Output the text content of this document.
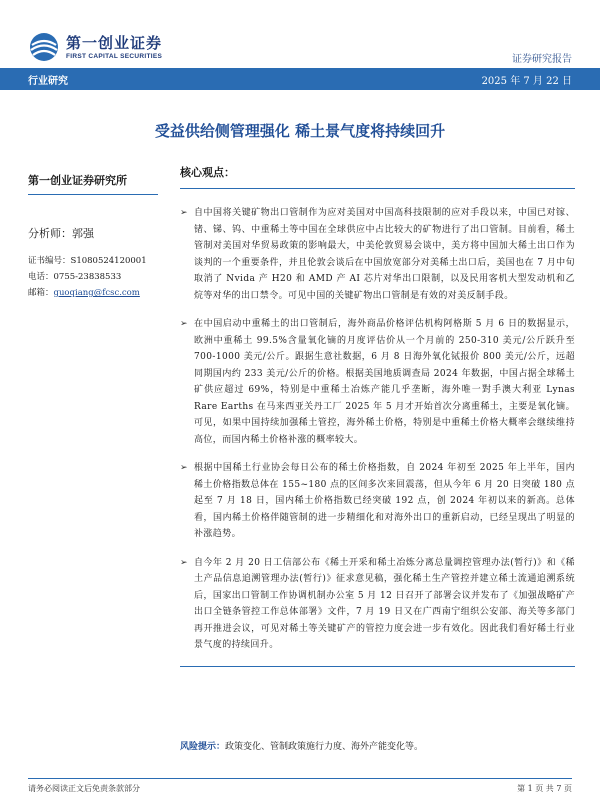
第一创业证券
FIRST CAPITAL SECURITIES	证券研究报告
行业研究	2025 年 7 月 22 日
受益供给侧管理强化 稀土景气度将持续回升
第一创业证券研究所
分析师：郭强
证书编号：S1080524120001
电话：0755-23838533
邮箱：guoqiang@fcsc.com
核心观点：
➢ 自中国将关键矿物出口管制作为应对美国对中国高科技限制的应对手段以来，中国已对镓、锗、锑、钨、中重稀土等中国在全球供应中占比较大的矿物进行了出口管制。目前看，稀土管制对美国对华贸易政策的影响最大，中美伦敦贸易会谈中，美方将中国加大稀土出口作为谈判的一个重要条件，并且伦敦会谈后在中国放宽部分对美稀土出口后，美国也在 7 月中旬取消了 Nvida 产 H20 和 AMD 产 AI 芯片对华出口限制，以及民用客机大型发动机和乙烷等对华的出口禁令。可见中国的关键矿物出口管制是有效的对美反制手段。
➢ 在中国启动中重稀土的出口管制后，海外商品价格评估机构阿格斯 5 月 6 日的数据显示，欧洲中重稀土 99.5%含量氧化镝的月度评估价从一个月前的 250-310 美元/公斤跃升至 700-1000 美元/公斤。跟据生意社数据，6 月 8 日海外氧化铽报价 800 美元/公斤，远超同期国内约 233 美元/公斤的价格。根据美国地质调查局 2024 年数据，中国占据全球稀土矿供应超过 69%，特别是中重稀土冶炼产能几乎垄断，海外唯一對手澳大利亚 Lynas Rare Earths 在马来西亚关丹工厂 2025 年 5 月才开始首次分离重稀土，主要是氧化镝。可见，如果中国持续加强稀土管控，海外稀土价格，特别是中重稀土价格大概率会继续维持高位，而国内稀土价格补涨的概率较大。
➢ 根据中国稀土行业协会每日公布的稀土价格指数，自 2024 年初至 2025 年上半年，国内稀土价格指数总体在 155~180 点的区间多次来回震荡，但从今年 6 月 20 日突破 180 点起至 7 月 18 日，国内稀土价格指数已经突破 192 点，创 2024 年初以来的新高。总体看，国内稀土价格伴随管制的进一步精细化和对海外出口的重新启动，已经呈现出了明显的补涨趋势。
➢ 自今年 2 月 20 日工信部公布《稀土开采和稀土冶炼分离总量调控管理办法(暂行)》和《稀土产品信息追溯管理办法(暂行)》征求意见稿，强化稀土生产管控并建立稀土流通追溯系统后，国家出口管制工作协调机制办公室 5 月 12 日召开了部署会议并发布了《加强战略矿产出口全链条管控工作总体部署》文件，7 月 19 日又在广西南宁组织公安部、海关等多部门再开推进会议，可见对稀土等关键矿产的管控力度会进一步有效化。因此我们看好稀土行业景气度的持续回升。
风险提示：政策变化、管制政策施行力度、海外产能变化等。
请务必阅读正文后免责条款部分	第 1 页 共 7 页
